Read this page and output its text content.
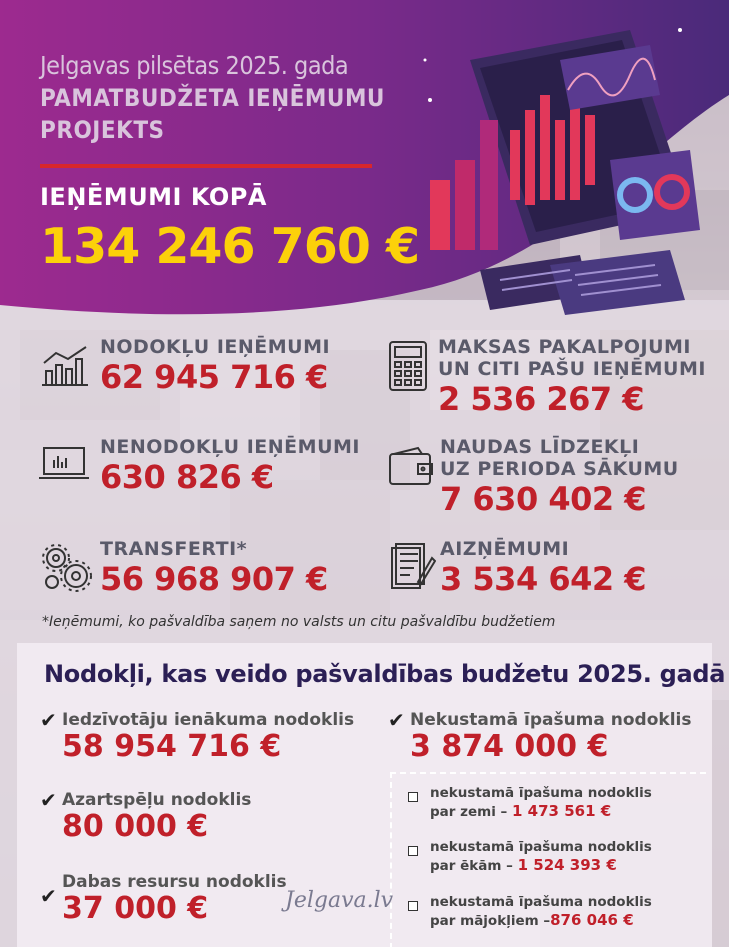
Jelgavas pilsētas 2025. gada
PAMATBUDŽETA IEŅĒMUMU
PROJEKTS
IEŅĒMUMI KOPĀ
134 246 760 €
NODOKĻU IEŅĒMUMI
62 945 716 €
MAKSAS PAKALPOJUMI
UN CITI PAŠU IEŅĒMUMI
2 536 267 €
NENODOKĻU IEŅĒMUMI
630 826 €
NAUDAS LĪDZEKĻI
UZ PERIODA SĀKUMU
7 630 402 €
TRANSFERTI*
56 968 907 €
AIZŅĒMUMI
3 534 642 €
*Ieņēmumi, ko pašvaldība saņem no valsts un citu pašvaldību budžetiem
Nodokļi, kas veido pašvaldības budžetu 2025. gadā
✔ Iedzīvotāju ienākuma nodoklis
58 954 716 €
✔ Azartspēļu nodoklis
80 000 €
✔
Dabas resursu nodoklis
37 000 €
✔ Nekustamā īpašuma nodoklis
3 874 000 €
nekustamā īpašuma nodoklis
par zemi – 1 473 561 €
nekustamā īpašuma nodoklis
par ēkām – 1 524 393 €
nekustamā īpašuma nodoklis
par mājokļiem –876 046 €
Jelgava.lv
